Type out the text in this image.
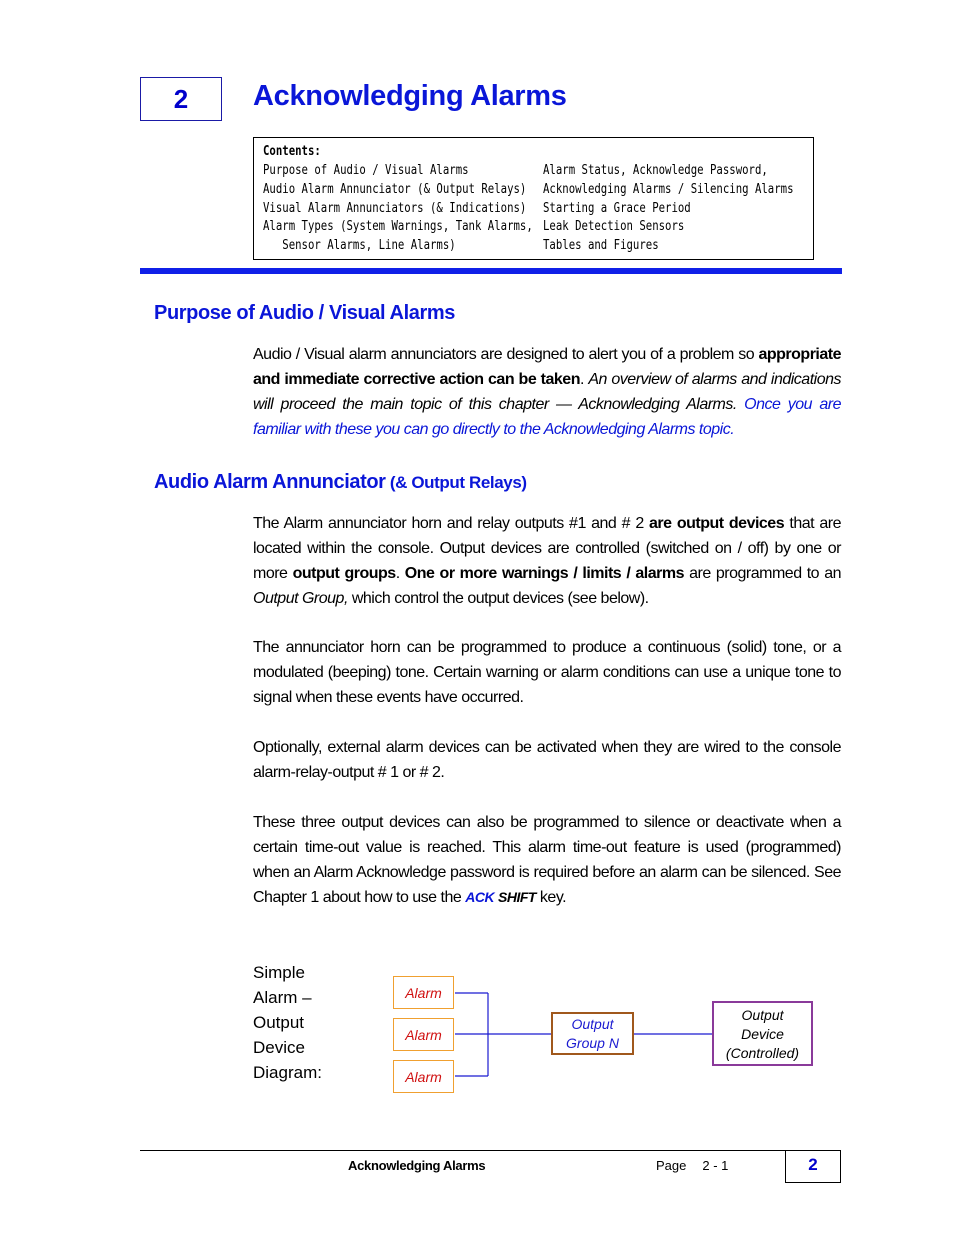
2 Acknowledging Alarms
Contents:
Purpose of Audio / Visual Alarms
Audio Alarm Annunciator (& Output Relays)
Visual Alarm Annunciators (& Indications)
Alarm Types (System Warnings, Tank Alarms,
Sensor Alarms, Line Alarms)
Alarm Status, Acknowledge Password,
Acknowledging Alarms / Silencing Alarms
Starting a Grace Period
Leak Detection Sensors
Tables and Figures
Purpose of Audio / Visual Alarms
Audio / Visual alarm annunciators are designed to alert you of a problem so appropriate and immediate corrective action can be taken. An overview of alarms and indications will proceed the main topic of this chapter — Acknowledging Alarms. Once you are familiar with these you can go directly to the Acknowledging Alarms topic.
Audio Alarm Annunciator (& Output Relays)
The Alarm annunciator horn and relay outputs #1 and # 2 are output devices that are located within the console. Output devices are controlled (switched on / off) by one or more output groups. One or more warnings / limits / alarms are programmed to an Output Group, which control the output devices (see below).
The annunciator horn can be programmed to produce a continuous (solid) tone, or a modulated (beeping) tone. Certain warning or alarm conditions can use a unique tone to signal when these events have occurred.
Optionally, external alarm devices can be activated when they are wired to the console alarm-relay-output # 1 or # 2.
These three output devices can also be programmed to silence or deactivate when a certain time-out value is reached. This alarm time-out feature is used (programmed) when an Alarm Acknowledge password is required before an alarm can be silenced. See Chapter 1 about how to use the ACK SHIFT key.
Simple
Alarm –
Output
Device
Diagram:
Alarm
Alarm
Alarm
Output
Group N
Output
Device
(Controlled)
Acknowledging Alarms	Page 2 - 1	2
